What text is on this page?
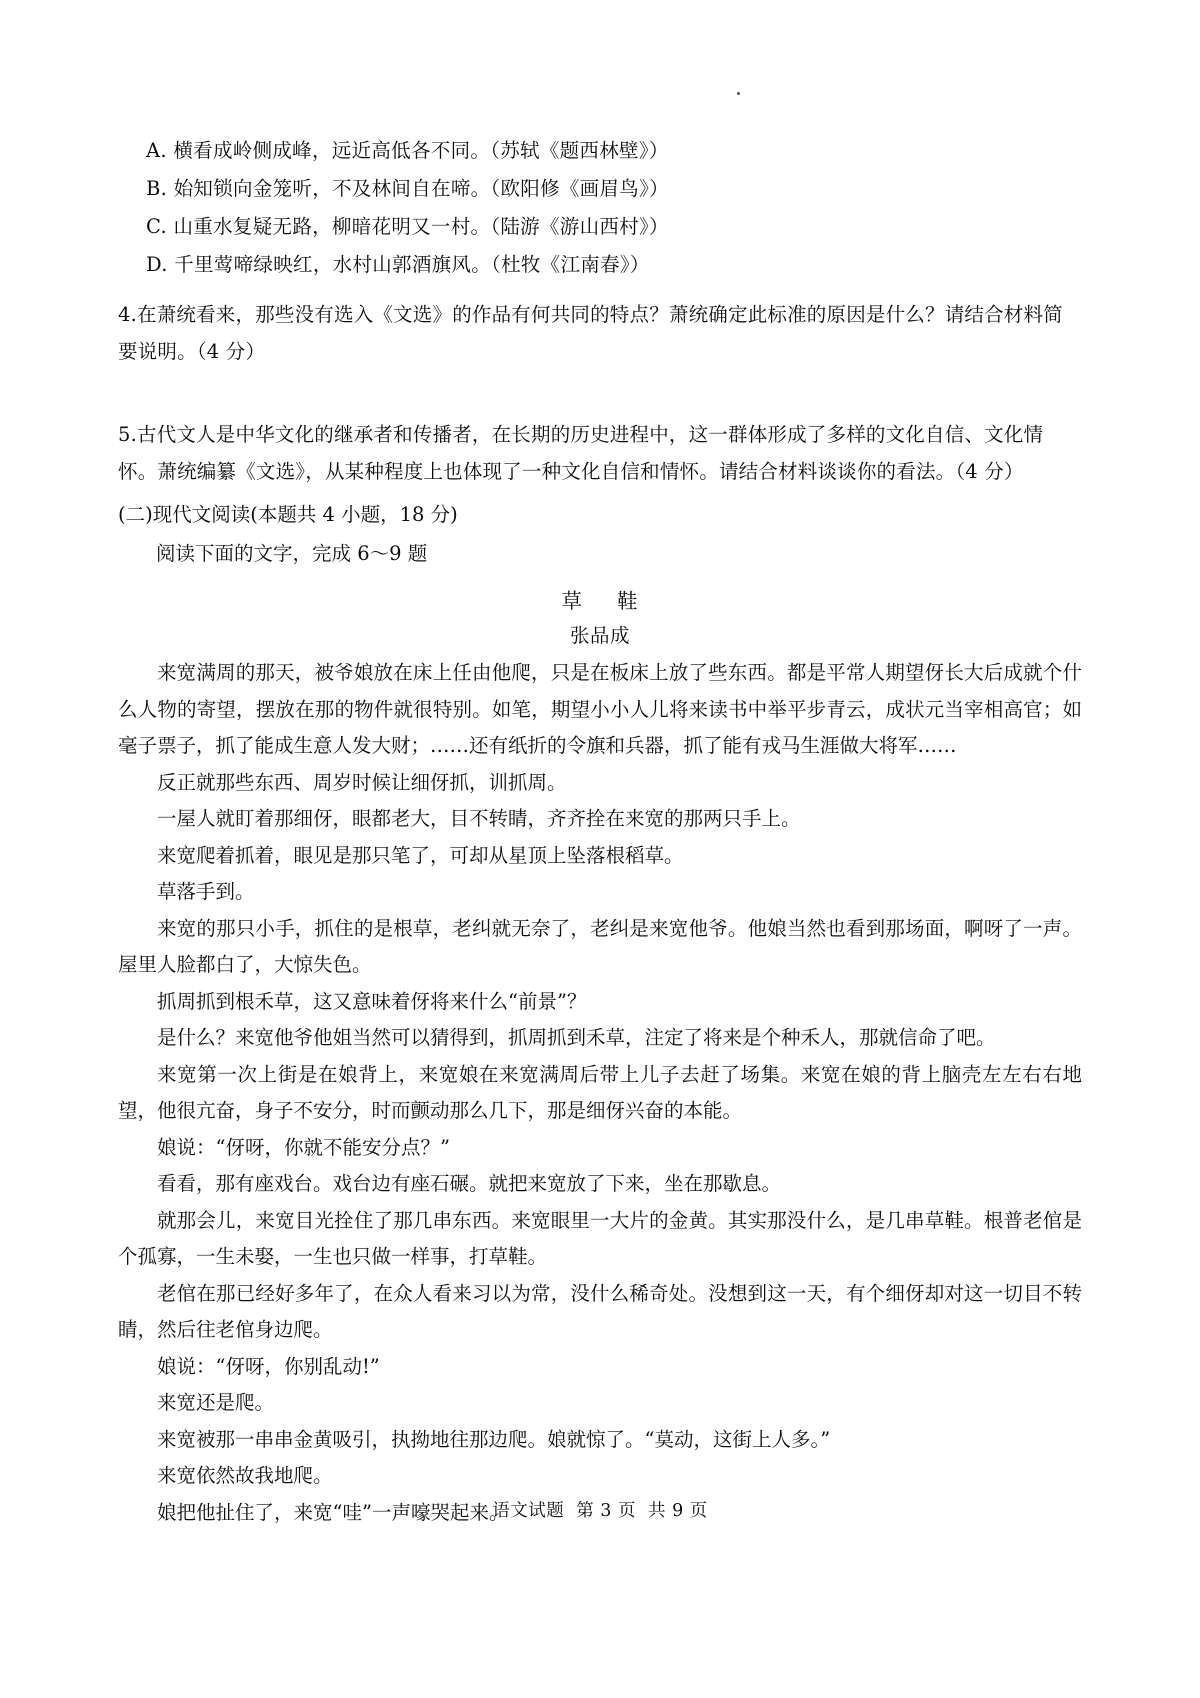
A. 横看成岭侧成峰，远近高低各不同。（苏轼《题西林壁》）
B. 始知锁向金笼听，不及林间自在啼。（欧阳修《画眉鸟》）
C. 山重水复疑无路，柳暗花明又一村。（陆游《游山西村》）
D. 千里莺啼绿映红，水村山郭酒旗风。（杜牧《江南春》）
4.在萧统看来，那些没有选入《文选》的作品有何共同的特点？萧统确定此标准的原因是什么？请结合材料简要说明。（4 分）
5.古代文人是中华文化的继承者和传播者，在长期的历史进程中，这一群体形成了多样的文化自信、文化情怀。萧统编纂《文选》，从某种程度上也体现了一种文化自信和情怀。请结合材料谈谈你的看法。（4 分）
(二)现代文阅读(本题共 4 小题，18 分)
阅读下面的文字，完成 6～9 题
草 鞋
张品成

来宽满周的那天，被爷娘放在床上任由他爬，只是在板床上放了些东西。都是平常人期望伢长大后成就个什么人物的寄望，摆放在那的物件就很特别。如笔，期望小小人儿将来读书中举平步青云，成状元当宰相高官；如毫子票子，抓了能成生意人发大财；……还有纸折的令旗和兵器，抓了能有戎马生涯做大将军……

反正就那些东西、周岁时候让细伢抓，训抓周。

一屋人就盯着那细伢，眼都老大，目不转睛，齐齐拴在来宽的那两只手上。

来宽爬着抓着，眼见是那只笔了，可却从星顶上坠落根稻草。

草落手到。

来宽的那只小手，抓住的是根草，老纠就无奈了，老纠是来宽他爷。他娘当然也看到那场面，啊呀了一声。屋里人脸都白了，大惊失色。

抓周抓到根禾草，这又意味着伢将来什么“前景”？

是什么？来宽他爷他姐当然可以猜得到，抓周抓到禾草，注定了将来是个种禾人，那就信命了吧。

来宽第一次上街是在娘背上，来宽娘在来宽满周后带上儿子去赶了场集。来宽在娘的背上脑壳左左右右地望，他很亢奋，身子不安分，时而颤动那么几下，那是细伢兴奋的本能。

娘说：“伢呀，你就不能安分点？”

看看，那有座戏台。戏台边有座石碾。就把来宽放了下来，坐在那歇息。

就那会儿，来宽目光拴住了那几串东西。来宽眼里一大片的金黄。其实那没什么，是几串草鞋。根普老倌是个孤寡，一生未娶，一生也只做一样事，打草鞋。

老倌在那已经好多年了，在众人看来习以为常，没什么稀奇处。没想到这一天，有个细伢却对这一切目不转睛，然后往老倌身边爬。

娘说：“伢呀，你别乱动!”

来宽还是爬。

来宽被那一串串金黄吸引，执拗地往那边爬。娘就惊了。“莫动，这街上人多。”

来宽依然故我地爬。

娘把他扯住了，来宽“哇”一声嚎哭起来。

语文试题 第 3 页 共 9 页
